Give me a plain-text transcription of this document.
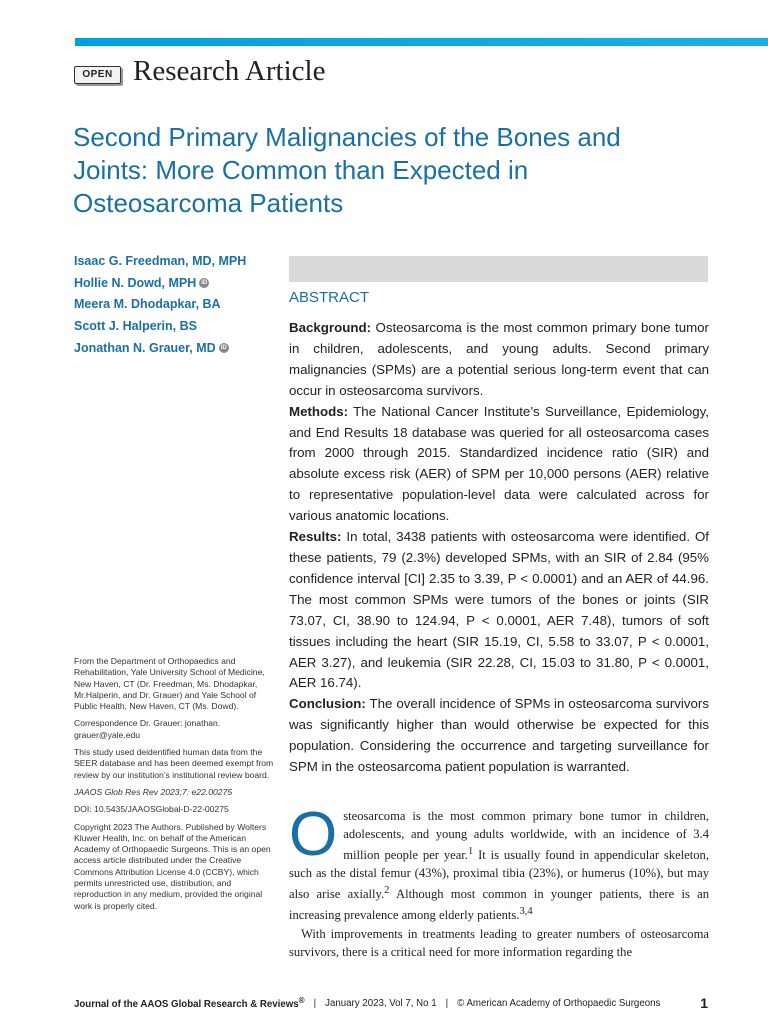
OPEN Research Article
Second Primary Malignancies of the Bones and Joints: More Common than Expected in Osteosarcoma Patients
Isaac G. Freedman, MD, MPH
Hollie N. Dowd, MPH iD
Meera M. Dhodapkar, BA
Scott J. Halperin, BS
Jonathan N. Grauer, MD iD
ABSTRACT

Background: Osteosarcoma is the most common primary bone tumor in children, adolescents, and young adults. Second primary malignancies (SPMs) are a potential serious long-term event that can occur in osteosarcoma survivors.

Methods: The National Cancer Institute’s Surveillance, Epidemiology, and End Results 18 database was queried for all osteosarcoma cases from 2000 through 2015. Standardized incidence ratio (SIR) and absolute excess risk (AER) of SPM per 10,000 persons (AER) relative to representative population-level data were calculated across for various anatomic locations.

Results: In total, 3438 patients with osteosarcoma were identified. Of these patients, 79 (2.3%) developed SPMs, with an SIR of 2.84 (95% confidence interval [CI] 2.35 to 3.39, P < 0.0001) and an AER of 44.96. The most common SPMs were tumors of the bones or joints (SIR 73.07, CI, 38.90 to 124.94, P < 0.0001, AER 7.48), tumors of soft tissues including the heart (SIR 15.19, CI, 5.58 to 33.07, P < 0.0001, AER 3.27), and leukemia (SIR 22.28, CI, 15.03 to 31.80, P < 0.0001, AER 16.74).

Conclusion: The overall incidence of SPMs in osteosarcoma survivors was significantly higher than would otherwise be expected for this population. Considering the occurrence and targeting surveillance for SPM in the osteosarcoma patient population is warranted.

From the Department of Orthopaedics and Rehabilitation, Yale University School of Medicine, New Haven, CT (Dr. Freedman, Ms. Dhodapkar, Mr.Halperin, and Dr. Grauer) and Yale School of Public Health, New Haven, CT (Ms. Dowd).

Correspondence Dr. Grauer: jonathan. grauer@yale.edu

This study used deidentified human data from the SEER database and has been deemed exempt from review by our institution’s institutional review board.

JAAOS Glob Res Rev 2023;7: e22.00275

DOI: 10.5435/JAAOSGlobal-D-22-00275

Copyright 2023 The Authors. Published by Wolters Kluwer Health, Inc. on behalf of the American Academy of Orthopaedic Surgeons. This is an open access article distributed under the Creative Commons Attribution License 4.0 (CCBY), which permits unrestricted use, distribution, and reproduction in any medium, provided the original work is properly cited.

Osteosarcoma is the most common primary bone tumor in children, adolescents, and young adults worldwide, with an incidence of 3.4 million people per year.$^1$ It is usually found in appendicular skeleton, such as the distal femur (43%), proximal tibia (23%), or humerus (10%), but may also arise axially.$^2$ Although most common in younger patients, there is an increasing prevalence among elderly patients.$^{3,4}$

With improvements in treatments leading to greater numbers of osteosarcoma survivors, there is a critical need for more information regarding the

Journal of the AAOS Global Research & Reviews® | January 2023, Vol 7, No 1 | © American Academy of Orthopaedic Surgeons	1
